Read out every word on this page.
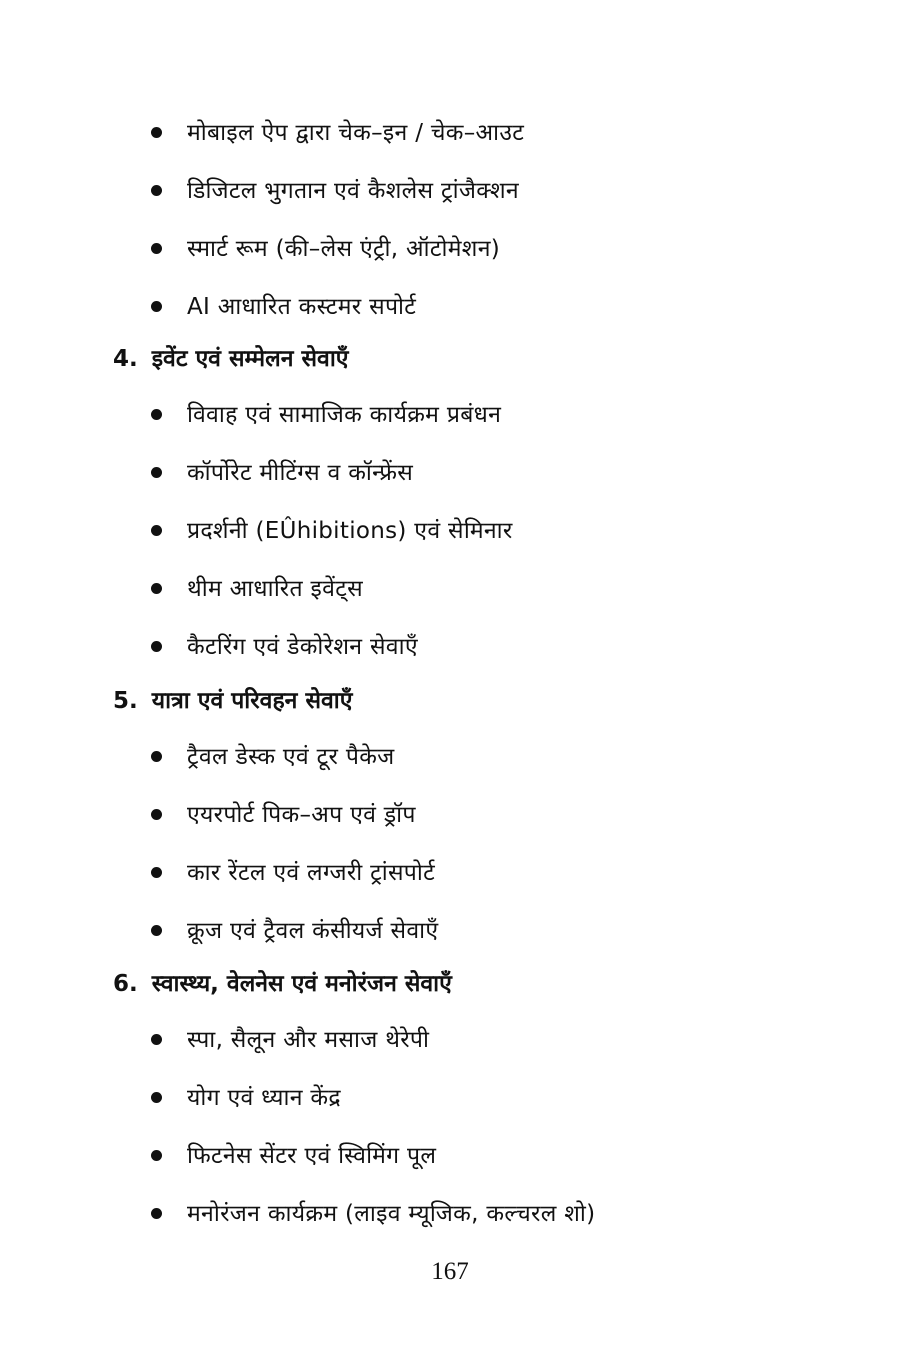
मोबाइल ऐप द्वारा चेक–इन / चेक–आउट
डिजिटल भुगतान एवं कैशलेस ट्रांजैक्शन
स्मार्ट रूम (की–लेस एंट्री, ऑटोमेशन)
AI आधारित कस्टमर सपोर्ट
4. इवेंट एवं सम्मेलन सेवाएँ
विवाह एवं सामाजिक कार्यक्रम प्रबंधन
कॉर्पोरेट मीटिंग्स व कॉन्फ्रेंस
प्रदर्शनी (EÛhibitions) एवं सेमिनार
थीम आधारित इवेंट्स
कैटरिंग एवं डेकोरेशन सेवाएँ
5. यात्रा एवं परिवहन सेवाएँ
ट्रैवल डेस्क एवं टूर पैकेज
एयरपोर्ट पिक–अप एवं ड्रॉप
कार रेंटल एवं लग्जरी ट्रांसपोर्ट
क्रूज एवं ट्रैवल कंसीयर्ज सेवाएँ
6. स्वास्थ्य, वेलनेस एवं मनोरंजन सेवाएँ
स्पा, सैलून और मसाज थेरेपी
योग एवं ध्यान केंद्र
फिटनेस सेंटर एवं स्विमिंग पूल
मनोरंजन कार्यक्रम (लाइव म्यूजिक, कल्चरल शो)
167
